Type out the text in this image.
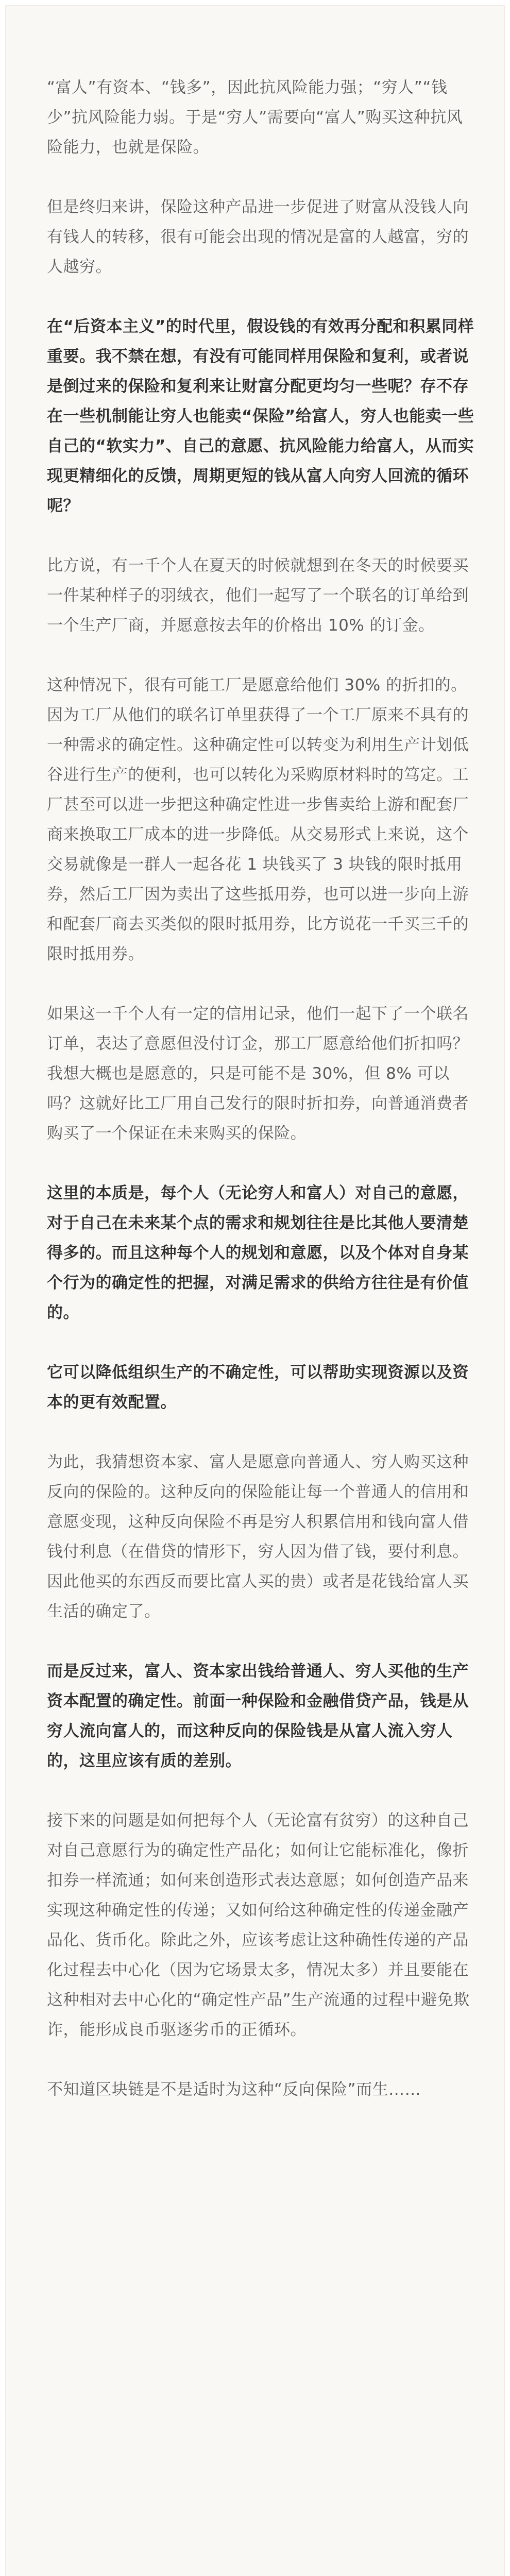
“富人”有资本、“钱多”，因此抗风险能力强；“穷人”“钱少”抗风险能力弱。于是“穷人”需要向“富人”购买这种抗风险能力，也就是保险。

但是终归来讲，保险这种产品进一步促进了财富从没钱人向有钱人的转移，很有可能会出现的情况是富的人越富，穷的人越穷。

在“后资本主义”的时代里，假设钱的有效再分配和积累同样重要。我不禁在想，有没有可能同样用保险和复利，或者说是倒过来的保险和复利来让财富分配更均匀一些呢？存不存在一些机制能让穷人也能卖“保险”给富人，穷人也能卖一些自己的“软实力”、自己的意愿、抗风险能力给富人，从而实现更精细化的反馈，周期更短的钱从富人向穷人回流的循环呢？

比方说，有一千个人在夏天的时候就想到在冬天的时候要买一件某种样子的羽绒衣，他们一起写了一个联名的订单给到一个生产厂商，并愿意按去年的价格出 10% 的订金。

这种情况下，很有可能工厂是愿意给他们 30% 的折扣的。因为工厂从他们的联名订单里获得了一个工厂原来不具有的一种需求的确定性。这种确定性可以转变为利用生产计划低谷进行生产的便利，也可以转化为采购原材料时的笃定。工厂甚至可以进一步把这种确定性进一步售卖给上游和配套厂商来换取工厂成本的进一步降低。从交易形式上来说，这个交易就像是一群人一起各花 1 块钱买了 3 块钱的限时抵用券，然后工厂因为卖出了这些抵用券，也可以进一步向上游和配套厂商去买类似的限时抵用券，比方说花一千买三千的限时抵用券。

如果这一千个人有一定的信用记录，他们一起下了一个联名订单，表达了意愿但没付订金，那工厂愿意给他们折扣吗？我想大概也是愿意的，只是可能不是 30%，但 8% 可以吗？这就好比工厂用自己发行的限时折扣券，向普通消费者购买了一个保证在未来购买的保险。

这里的本质是，每个人（无论穷人和富人）对自己的意愿，对于自己在未来某个点的需求和规划往往是比其他人要清楚得多的。而且这种每个人的规划和意愿，以及个体对自身某个行为的确定性的把握，对满足需求的供给方往往是有价值的。

它可以降低组织生产的不确定性，可以帮助实现资源以及资本的更有效配置。

为此，我猜想资本家、富人是愿意向普通人、穷人购买这种反向的保险的。这种反向的保险能让每一个普通人的信用和意愿变现，这种反向保险不再是穷人积累信用和钱向富人借钱付利息（在借贷的情形下，穷人因为借了钱，要付利息。因此他买的东西反而要比富人买的贵）或者是花钱给富人买生活的确定了。

而是反过来，富人、资本家出钱给普通人、穷人买他的生产资本配置的确定性。前面一种保险和金融借贷产品，钱是从穷人流向富人的，而这种反向的保险钱是从富人流入穷人的，这里应该有质的差别。

接下来的问题是如何把每个人（无论富有贫穷）的这种自己对自己意愿行为的确定性产品化；如何让它能标准化，像折扣券一样流通；如何来创造形式表达意愿；如何创造产品来实现这种确定性的传递；又如何给这种确定性的传递金融产品化、货币化。除此之外，应该考虑让这种确性传递的产品化过程去中心化（因为它场景太多，情况太多）并且要能在这种相对去中心化的“确定性产品”生产流通的过程中避免欺诈，能形成良币驱逐劣币的正循环。

不知道区块链是不是适时为这种“反向保险”而生……
